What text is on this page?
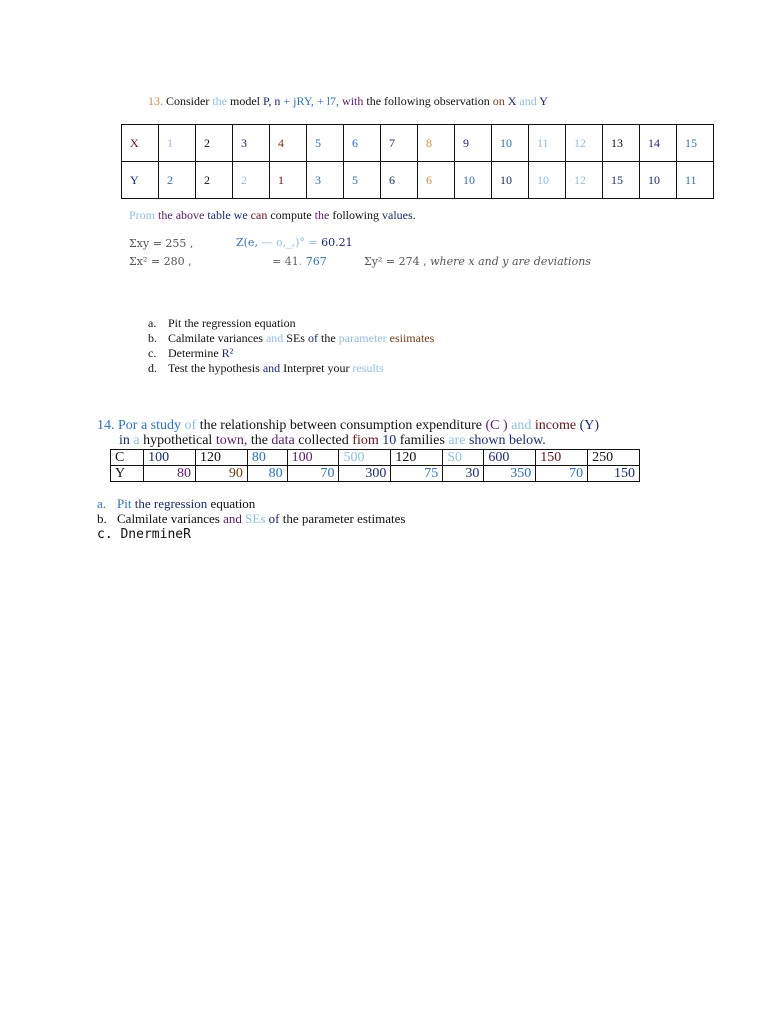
13. Consider the model P, n + jRY, + l7, with the following observation on X and Y
X	1	2	3	4	5	6	7	8	9	10	11	12	13	14	15
Y	2	2	2	1	3	5	6	6	10	10	10	12	15	10	11
Prom the above table we can compute the following values.
Σxy = 255 ,
Σx² = 280 ,
Z(e, — o,_,)° = 60.21
= 41. 767	Σy² = 274 , where x and y are deviations
a. Pit the regression equation
b. Calmilate variances and SEs of the parameter esiimates
c. Determine R²
d. Test the hypothesis and Interpret your results
14. Por a study of the relationship between consumption expenditure (C ) and income (Y)
in a hypothetical town, the data collected fiom 10 families are shown below.
C	100	120	80	100	500	120	S0	600	150	250
Y	80	90	80	70	300	75	30	350	70	150
a. Pit the regression equation
b. Calmilate variances and SEs of the parameter estimates
c. DnermineR
